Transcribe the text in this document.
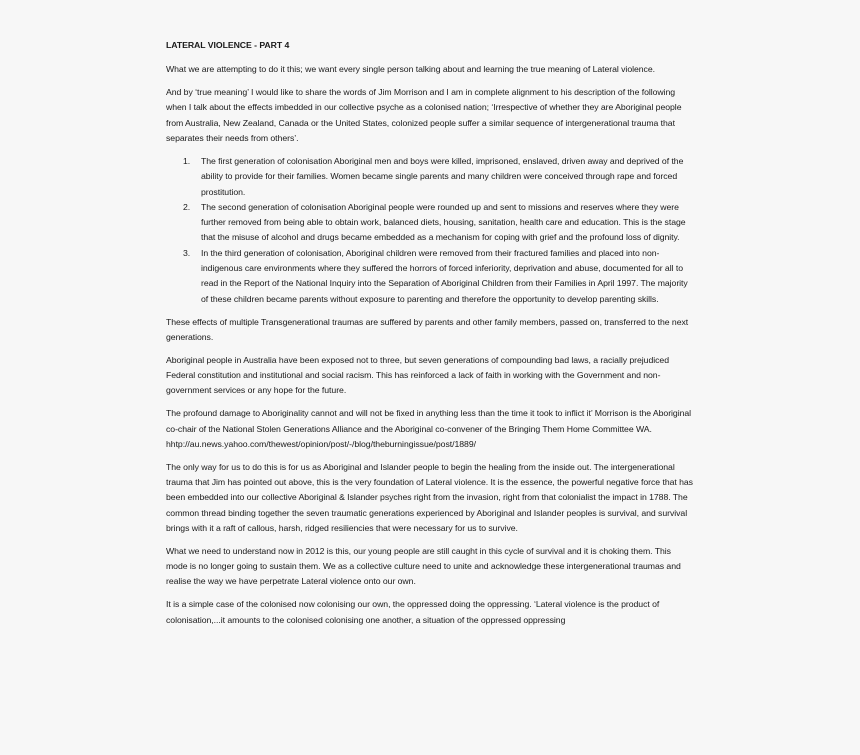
LATERAL VIOLENCE - PART 4

What we are attempting to do it this; we want every single person talking about and learning the true meaning of Lateral violence.

And by ‘true meaning’ I would like to share the words of Jim Morrison and I am in complete alignment to his description of the following when I talk about the effects imbedded in our collective psyche as a colonised nation; ‘Irrespective of whether they are Aboriginal people from Australia, New Zealand, Canada or the United States, colonized people suffer a similar sequence of intergenerational trauma that separates their needs from others’.

1. The first generation of colonisation Aboriginal men and boys were killed, imprisoned, enslaved, driven away and deprived of the ability to provide for their families. Women became single parents and many children were conceived through rape and forced prostitution.
2. The second generation of colonisation Aboriginal people were rounded up and sent to missions and reserves where they were further removed from being able to obtain work, balanced diets, housing, sanitation, health care and education. This is the stage that the misuse of alcohol and drugs became embedded as a mechanism for coping with grief and the profound loss of dignity.
3. In the third generation of colonisation, Aboriginal children were removed from their fractured families and placed into non-indigenous care environments where they suffered the horrors of forced inferiority, deprivation and abuse, documented for all to read in the Report of the National Inquiry into the Separation of Aboriginal Children from their Families in April 1997. The majority of these children became parents without exposure to parenting and therefore the opportunity to develop parenting skills.

These effects of multiple Transgenerational traumas are suffered by parents and other family members, passed on, transferred to the next generations.

Aboriginal people in Australia have been exposed not to three, but seven generations of compounding bad laws, a racially prejudiced Federal constitution and institutional and social racism. This has reinforced a lack of faith in working with the Government and non-government services or any hope for the future.

The profound damage to Aboriginality cannot and will not be fixed in anything less than the time it took to inflict it’ Morrison is the Aboriginal co-chair of the National Stolen Generations Alliance and the Aboriginal co-convener of the Bringing Them Home Committee WA. hhtp://au.news.yahoo.com/thewest/opinion/post/-/blog/theburningissue/post/1889/

The only way for us to do this is for us as Aboriginal and Islander people to begin the healing from the inside out. The intergenerational trauma that Jim has pointed out above, this is the very foundation of Lateral violence. It is the essence, the powerful negative force that has been embedded into our collective Aboriginal & Islander psyches right from the invasion, right from that colonialist the impact in 1788. The common thread binding together the seven traumatic generations experienced by Aboriginal and Islander peoples is survival, and survival brings with it a raft of callous, harsh, ridged resiliencies that were necessary for us to survive.

What we need to understand now in 2012 is this, our young people are still caught in this cycle of survival and it is choking them. This mode is no longer going to sustain them. We as a collective culture need to unite and acknowledge these intergenerational traumas and realise the way we have perpetrate Lateral violence onto our own.

It is a simple case of the colonised now colonising our own, the oppressed doing the oppressing. ‘Lateral violence is the product of colonisation,...it amounts to the colonised colonising one another, a situation of the oppressed oppressing
